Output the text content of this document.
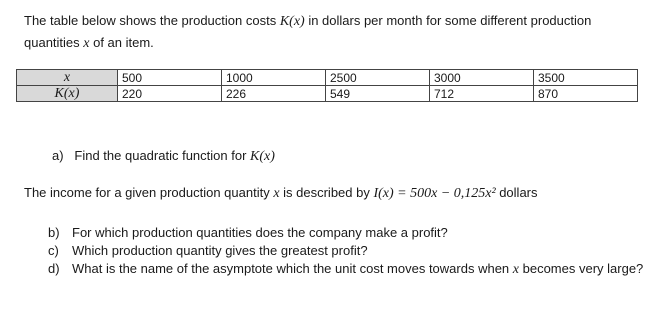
The table below shows the production costs K(x) in dollars per month for some different production quantities x of an item.
x	500	1000	2500	3000	3500
K(x)	220	226	549	712	870
a) Find the quadratic function for K(x)
The income for a given production quantity x is described by I(x) = 500x − 0,125x² dollars
b) For which production quantities does the company make a profit?
c) Which production quantity gives the greatest profit?
d) What is the name of the asymptote which the unit cost moves towards when x becomes very large?
